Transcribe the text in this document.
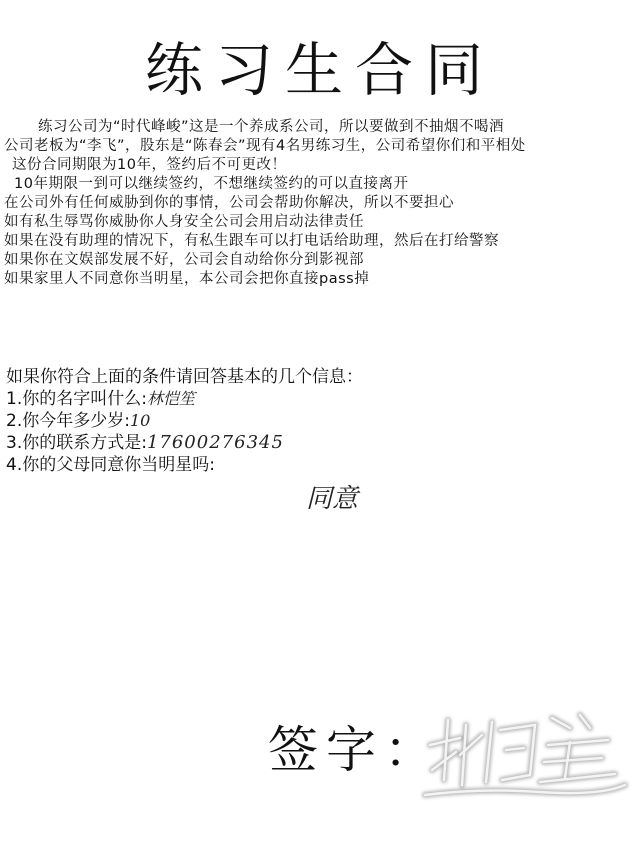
练习生合同
练习公司为“时代峰峻”这是一个养成系公司，所以要做到不抽烟不喝酒
公司老板为“李飞”，股东是“陈春会”现有4名男练习生，公司希望你们和平相处
这份合同期限为10年，签约后不可更改！
10年期限一到可以继续签约，不想继续签约的可以直接离开
在公司外有任何威胁到你的事情，公司会帮助你解决，所以不要担心
如有私生辱骂你威胁你人身安全公司会用启动法律责任
如果在没有助理的情况下，有私生跟车可以打电话给助理，然后在打给警察
如果你在文娱部发展不好，公司会自动给你分到影视部
如果家里人不同意你当明星，本公司会把你直接pass掉
如果你符合上面的条件请回答基本的几个信息：
1.你的名字叫什么:林恺笙
2.你今年多少岁:10
3.你的联系方式是:17600276345
4.你的父母同意你当明星吗:
同意
签字：
